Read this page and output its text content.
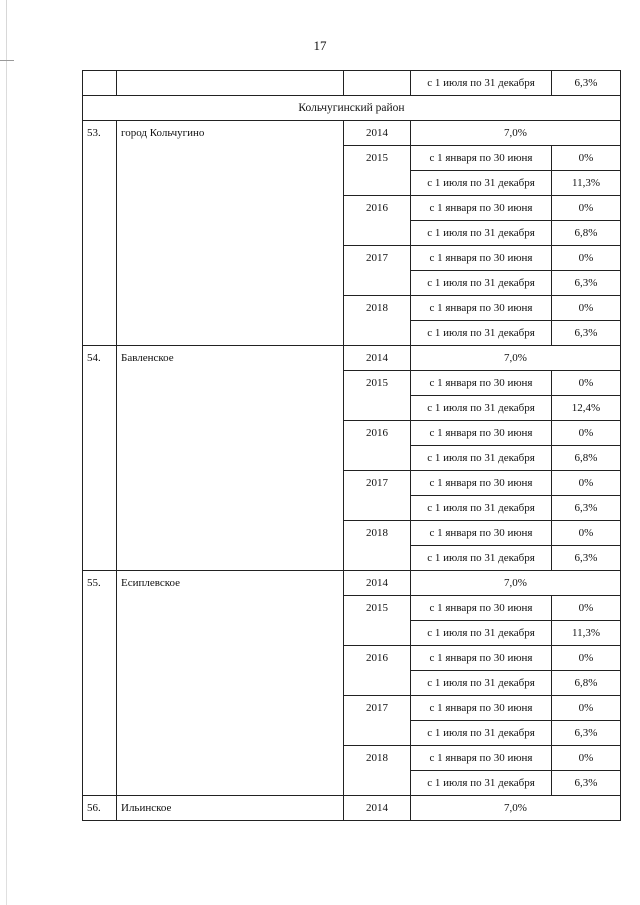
17
			с 1 июля по 31 декабря	6,3%
Кольчугинский район				
53.	город Кольчугино	2014	7,0%	
		2015	с 1 января по 30 июня	0%
			с 1 июля по 31 декабря	11,3%
		2016	с 1 января по 30 июня	0%
			с 1 июля по 31 декабря	6,8%
		2017	с 1 января по 30 июня	0%
			с 1 июля по 31 декабря	6,3%
		2018	с 1 января по 30 июня	0%
			с 1 июля по 31 декабря	6,3%
54.	Бавленское	2014	7,0%	
		2015	с 1 января по 30 июня	0%
			с 1 июля по 31 декабря	12,4%
		2016	с 1 января по 30 июня	0%
			с 1 июля по 31 декабря	6,8%
		2017	с 1 января по 30 июня	0%
			с 1 июля по 31 декабря	6,3%
		2018	с 1 января по 30 июня	0%
			с 1 июля по 31 декабря	6,3%
55.	Есиплевское	2014	7,0%	
		2015	с 1 января по 30 июня	0%
			с 1 июля по 31 декабря	11,3%
		2016	с 1 января по 30 июня	0%
			с 1 июля по 31 декабря	6,8%
		2017	с 1 января по 30 июня	0%
			с 1 июля по 31 декабря	6,3%
		2018	с 1 января по 30 июня	0%
			с 1 июля по 31 декабря	6,3%
56.	Ильинское	2014	7,0%	
